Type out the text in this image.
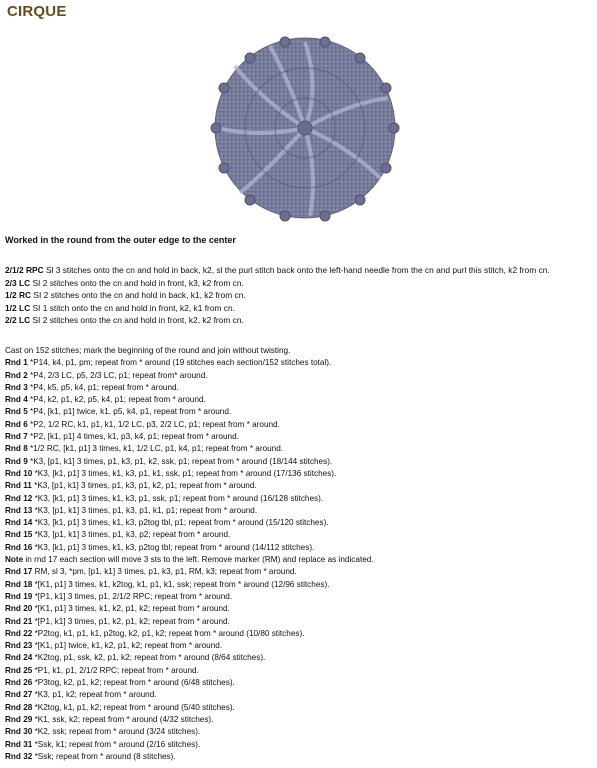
CIRQUE
Worked in the round from the outer edge to the center
2/1/2 RPC Sl 3 stitches onto the cn and hold in back, k2, sl the purl stitch back onto the left-hand needle from the cn and purl this stitch, k2 from cn.
2/3 LC SI 2 stitches onto the cn and hold in front, k3, k2 from cn.
1/2 RC SI 2 stitches onto the cn and hold in back, k1, k2 from cn.
1/2 LC SI 1 stitch onto the cn and hold in front, k2, k1 from cn.
2/2 LC SI 2 stitches onto the cn and hold in front, k2, k2 from cn.
Cast on 152 stitches; mark the beginning of the round and join without twisting.
Rnd 1 *P14, k4, p1, pm; repeat from * around (19 stitches each section/152 stitches total).
Rnd 2 *P4, 2/3 LC, p5, 2/3 LC, p1; repeat from* around.
Rnd 3 *P4, k5, p5, k4, p1; repeat from * around.
Rnd 4 *P4, k2, p1, k2, p5, k4, p1; repeat from * around.
Rnd 5 *P4, [k1, p1] twice, k1, p5, k4, p1, repeat from * around.
Rnd 6 *P2, 1/2 RC, k1, p1, k1, 1/2 LC, p3, 2/2 LC, p1; repeat from * around.
Rnd 7 *P2, [k1, p1] 4 times, k1, p3, k4, p1; repeat from * around.
Rnd 8 *1/2 RC, [k1, p1] 3 times, k1, 1/2 LC, p1, k4, p1; repeat from * around.
Rnd 9 *K3, [p1, k1] 3 times, p1, k3, p1, k2, ssk, p1; repeat from * around (18/144 stitches).
Rnd 10 *K3, [k1, p1] 3 times, k1, k3, p1, k1, ssk, p1; repeat from * around (17/136 stitches).
Rnd 11 *K3, [p1, k1] 3 times, p1, k3, p1, k2, p1; repeat from * around.
Rnd 12 *K3, [k1, p1] 3 times, k1, k3, p1, ssk, p1; repeat from * around (16/128 stitches).
Rnd 13 *K3, [p1, k1] 3 times, p1, k3, p1, k1, p1; repeat from * around.
Rnd 14 *K3, [k1, p1] 3 times, k1, k3, p2tog tbl, p1; repeat from * around (15/120 stitches).
Rnd 15 *K3, [p1, k1] 3 times, p1, k3, p2; repeat from * around.
Rnd 16 *K3, [k1, p1] 3 times, k1, k3, p2tog tbl; repeat from * around (14/112 stitches).
Note in rnd 17 each section will move 3 sts to the left. Remove marker (RM) and replace as indicated.
Rnd 17 RM, sl 3, *pm, [p1, k1] 3 times, p1, k3, p1, RM, k3; repeat from * around.
Rnd 18 *[K1, p1] 3 times, k1, k2tog, k1, p1, k1, ssk; repeat from * around (12/96 stitches).
Rnd 19 *[P1, k1] 3 times, p1, 2/1/2 RPC; repeat from * around.
Rnd 20 *[K1, p1] 3 times, k1, k2, p1, k2; repeat from * around.
Rnd 21 *[P1, k1] 3 times, p1, k2, p1, k2; repeat from * around.
Rnd 22 *P2tog, k1, p1, k1, p2tog, k2, p1, k2; repeat from * around (10/80 stitches).
Rnd 23 *[K1, p1] twice, k1, k2, p1, k2; repeat from * around.
Rnd 24 *K2tog, p1, ssk, k2, p1, k2; repeat from * around (8/64 stitches).
Rnd 25 *P1, k1, p1, 2/1/2 RPC; repeat from * around.
Rnd 26 *P3tog, k2, p1, k2; repeat from * around (6/48 stitches).
Rnd 27 *K3, p1, k2; repeat from * around.
Rnd 28 *K2tog, k1, p1, k2; repeat from * around (5/40 stitches).
Rnd 29 *K1, ssk, k2; repeat from * around (4/32 stitches).
Rnd 30 *K2, ssk; repeat from * around (3/24 stitches).
Rnd 31 *Ssk, k1; repeat from * around (2/16 stitches).
Rnd 32 *Ssk; repeat from * around (8 stitches).
